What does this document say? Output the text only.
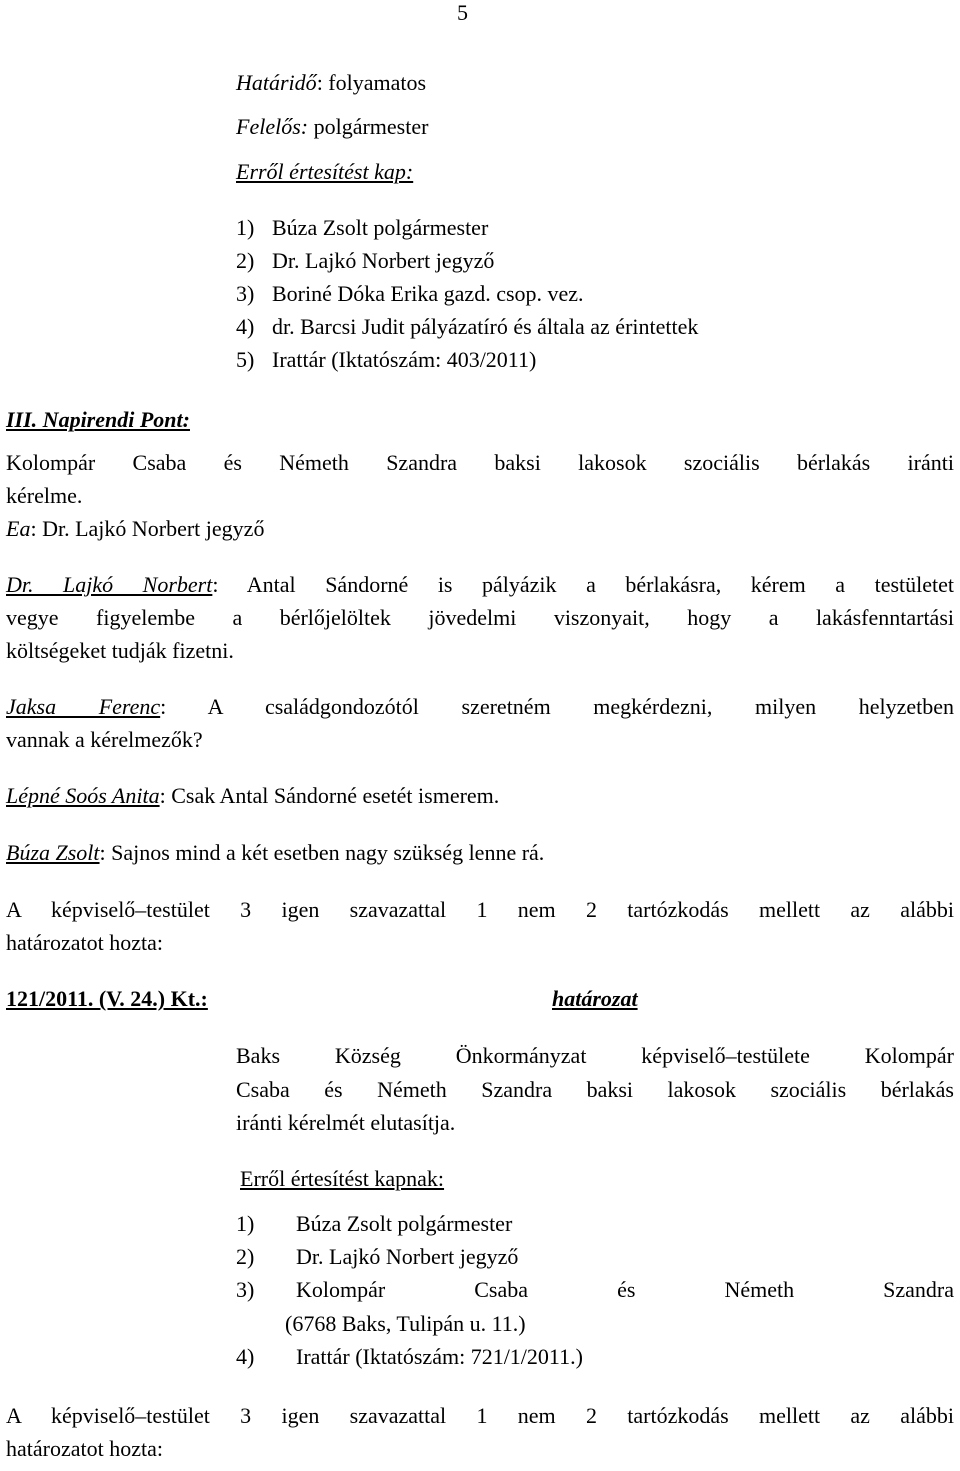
5
Határidő: folyamatos
Felelős: polgármester
Erről értesítést kap:
1) Búza Zsolt polgármester
2) Dr. Lajkó Norbert jegyző
3) Boriné Dóka Erika gazd. csop. vez.
4) dr. Barcsi Judit pályázatíró és általa az érintettek
5) Irattár (Iktatószám: 403/2011)
III. Napirendi Pont:
Kolompár Csaba és Németh Szandra baksi lakosok szociális bérlakás iránti
kérelme.
Ea: Dr. Lajkó Norbert jegyző
Dr. Lajkó Norbert: Antal Sándorné is pályázik a bérlakásra, kérem a testületet
vegye figyelembe a bérlőjelöltek jövedelmi viszonyait, hogy a lakásfenntartási
költségeket tudják fizetni.
Jaksa Ferenc: A családgondozótól szeretném megkérdezni, milyen helyzetben
vannak a kérelmezők?
Lépné Soós Anita: Csak Antal Sándorné esetét ismerem.
Búza Zsolt: Sajnos mind a két esetben nagy szükség lenne rá.
A képviselő–testület 3 igen szavazattal 1 nem 2 tartózkodás mellett az alábbi
határozatot hozta:
121/2011. (V. 24.) Kt.:	határozat
Baks Község Önkormányzat képviselő–testülete Kolompár
Csaba és Németh Szandra baksi lakosok szociális bérlakás
iránti kérelmét elutasítja.
Erről értesítést kapnak:
1) Búza Zsolt polgármester
2) Dr. Lajkó Norbert jegyző
3)	Kolompár Csaba és Németh Szandra
(6768 Baks, Tulipán u. 11.)
4) Irattár (Iktatószám: 721/1/2011.)
A képviselő–testület 3 igen szavazattal 1 nem 2 tartózkodás mellett az alábbi
határozatot hozta:
